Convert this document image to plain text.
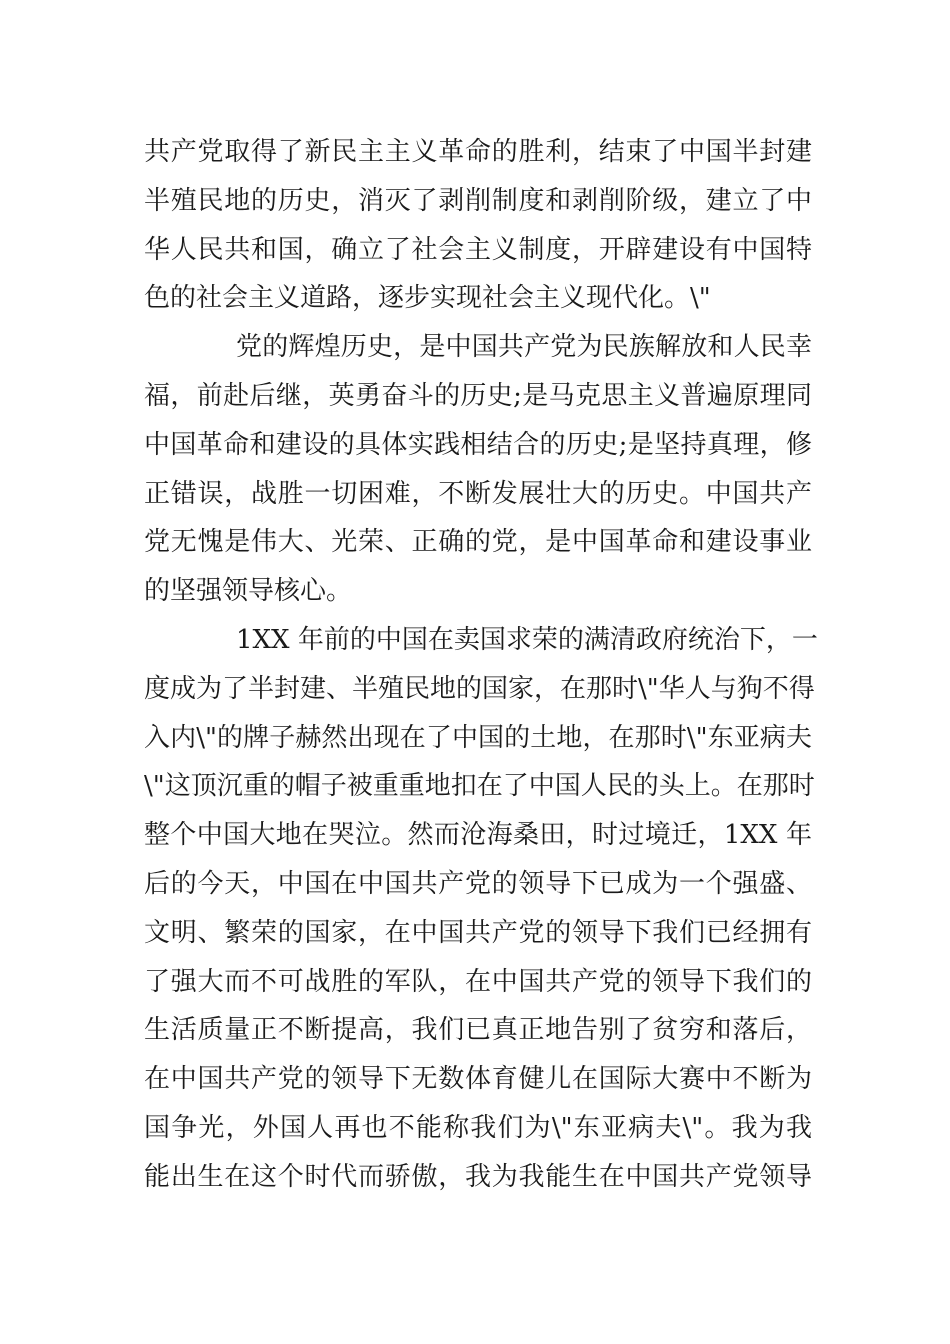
共产党取得了新民主主义革命的胜利，结束了中国半封建
半殖民地的历史，消灭了剥削制度和剥削阶级，建立了中
华人民共和国，确立了社会主义制度，开辟建设有中国特
色的社会主义道路，逐步实现社会主义现代化。\"
党的辉煌历史，是中国共产党为民族解放和人民幸
福，前赴后继，英勇奋斗的历史;是马克思主义普遍原理同
中国革命和建设的具体实践相结合的历史;是坚持真理，修
正错误，战胜一切困难，不断发展壮大的历史。中国共产
党无愧是伟大、光荣、正确的党，是中国革命和建设事业
的坚强领导核心。
1XX 年前的中国在卖国求荣的满清政府统治下，一
度成为了半封建、半殖民地的国家，在那时\"华人与狗不得
入内\"的牌子赫然出现在了中国的土地，在那时\"东亚病夫
\"这顶沉重的帽子被重重地扣在了中国人民的头上。在那时
整个中国大地在哭泣。然而沧海桑田，时过境迁，1XX 年
后的今天，中国在中国共产党的领导下已成为一个强盛、
文明、繁荣的国家，在中国共产党的领导下我们已经拥有
了强大而不可战胜的军队，在中国共产党的领导下我们的
生活质量正不断提高，我们已真正地告别了贫穷和落后，
在中国共产党的领导下无数体育健儿在国际大赛中不断为
国争光，外国人再也不能称我们为\"东亚病夫\"。我为我
能出生在这个时代而骄傲，我为我能生在中国共产党领导
